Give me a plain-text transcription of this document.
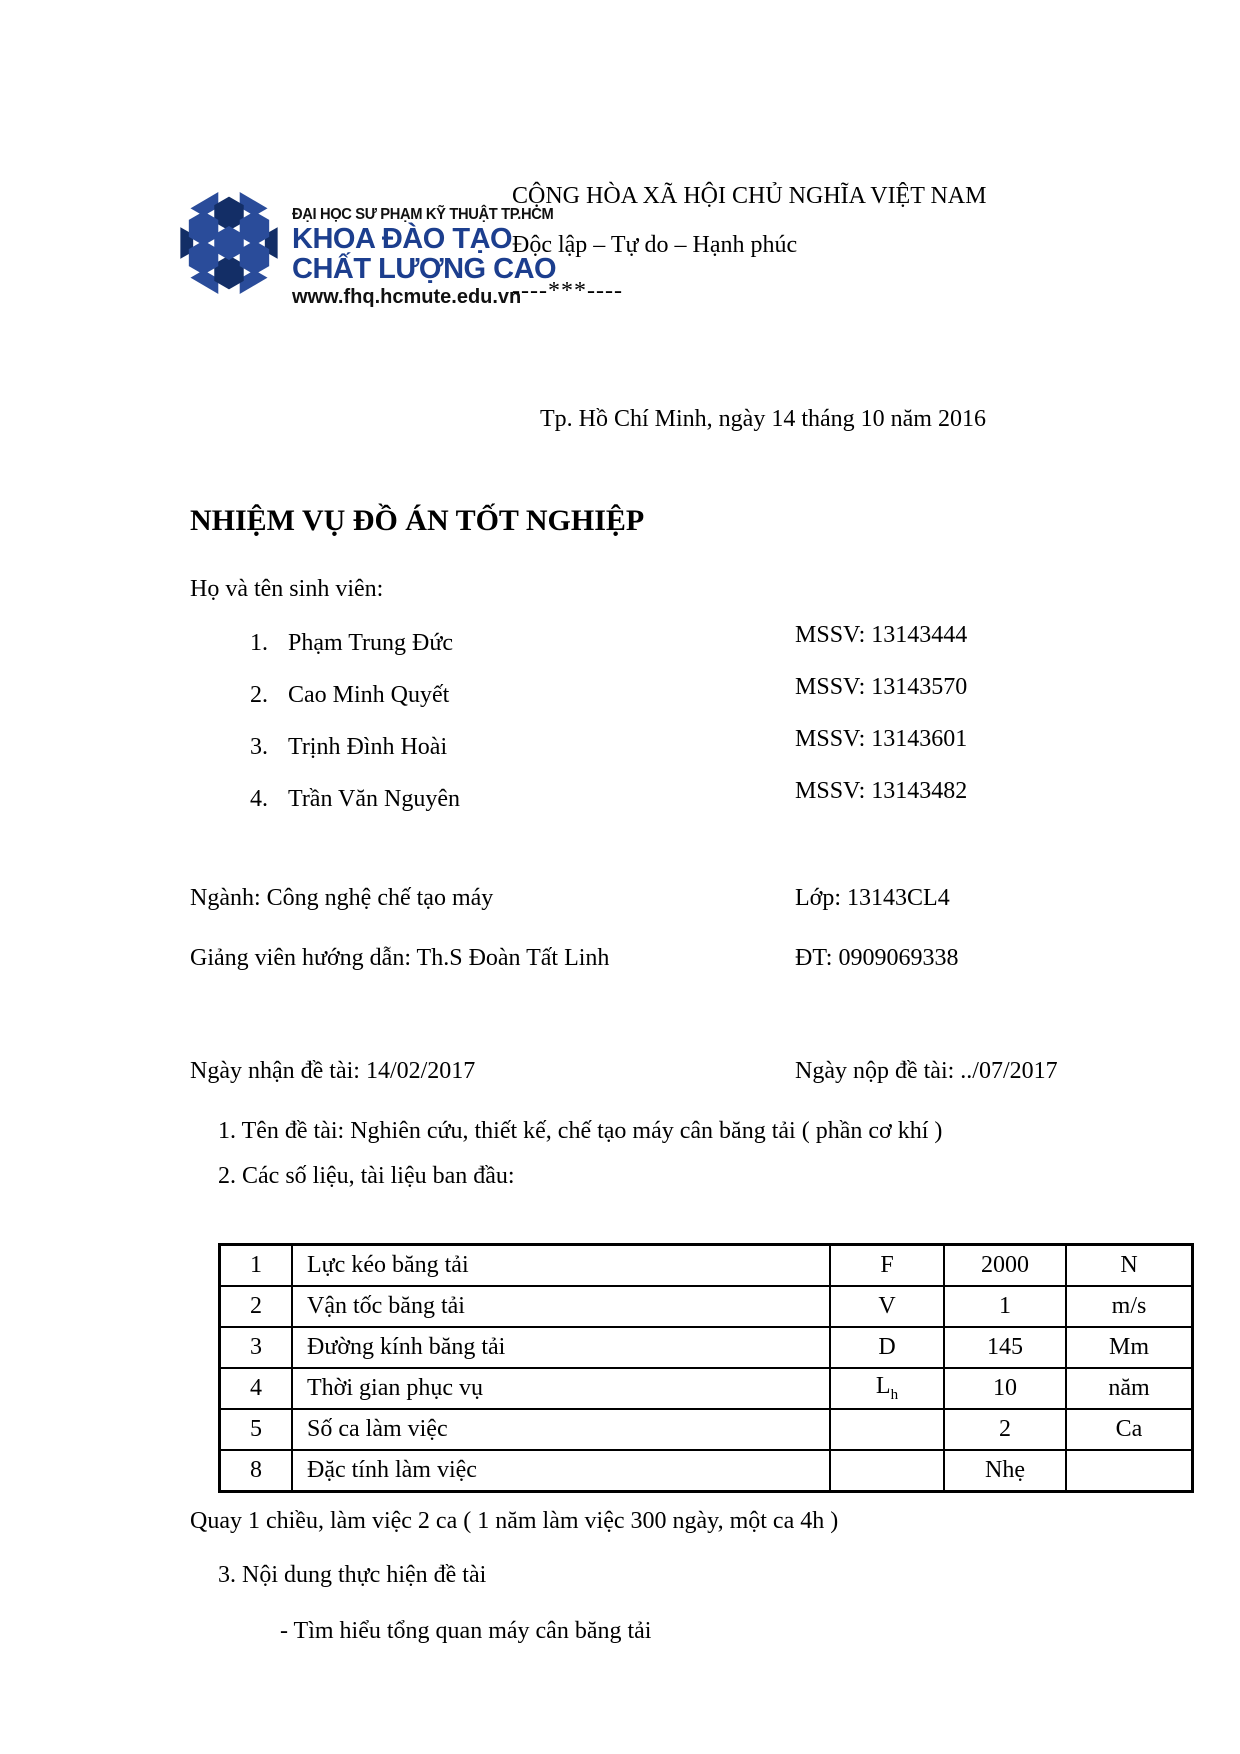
ĐẠI HỌC SƯ PHẠM KỸ THUẬT TP.HCM
KHOA ĐÀO TẠO
CHẤT LƯỢNG CAO
www.fhq.hcmute.edu.vn
CỘNG HÒA XÃ HỘI CHỦ NGHĨA VIỆT NAM
Độc lập – Tự do – Hạnh phúc
----***----
Tp. Hồ Chí Minh, ngày 14 tháng 10 năm 2016
NHIỆM VỤ ĐỒ ÁN TỐT NGHIỆP
Họ và tên sinh viên:
1. Phạm Trung Đức	MSSV: 13143444
2. Cao Minh Quyết	MSSV: 13143570
3. Trịnh Đình Hoài	MSSV: 13143601
4. Trần Văn Nguyên	MSSV: 13143482
Ngành: Công nghệ chế tạo máy	Lớp: 13143CL4
Giảng viên hướng dẫn: Th.S Đoàn Tất Linh	ĐT: 0909069338
Ngày nhận đề tài: 14/02/2017	Ngày nộp đề tài: ../07/2017
1. Tên đề tài: Nghiên cứu, thiết kế, chế tạo máy cân băng tải ( phần cơ khí )
2. Các số liệu, tài liệu ban đầu:
1	Lực kéo băng tải	F	2000	N
2	Vận tốc băng tải	V	1	m/s
3	Đường kính băng tải	D	145	Mm
4	Thời gian phục vụ	$L_h$	10	năm
5	Số ca làm việc		2	Ca
8	Đặc tính làm việc		Nhẹ	
Quay 1 chiều, làm việc 2 ca ( 1 năm làm việc 300 ngày, một ca 4h )
3. Nội dung thực hiện đề tài
- Tìm hiểu tổng quan máy cân băng tải
